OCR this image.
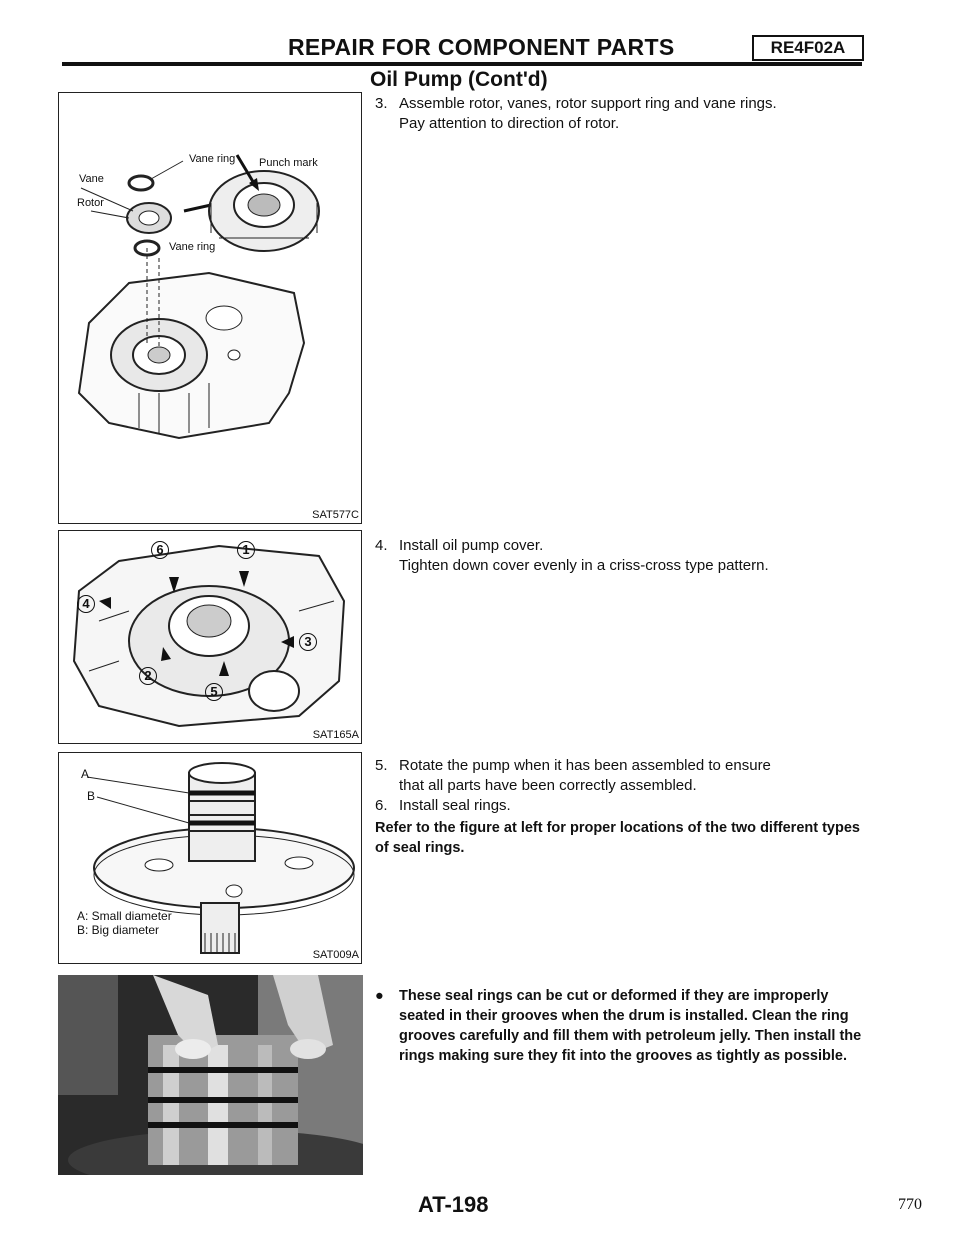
REPAIR FOR COMPONENT PARTS	RE4F02A
Oil Pump (Cont'd)
Vane
Vane ring Punch mark
Rotor
Vane ring
SAT577C
6	1
4
3
2
5
SAT165A
A
B
A: Small diameter
B: Big diameter
SAT009A
3. Assemble rotor, vanes, rotor support ring and vane rings.
Pay attention to direction of rotor.
4. Install oil pump cover.
Tighten down cover evenly in a criss-cross type pattern.
5. Rotate the pump when it has been assembled to ensure
that all parts have been correctly assembled.
6. Install seal rings.
Refer to the figure at left for proper locations of the two different types of seal rings.
●	These seal rings can be cut or deformed if they are improperly seated in their grooves when the drum is installed. Clean the ring grooves carefully and fill them with petroleum jelly. Then install the rings making sure they fit into the grooves as tightly as possible.
AT-198	770
